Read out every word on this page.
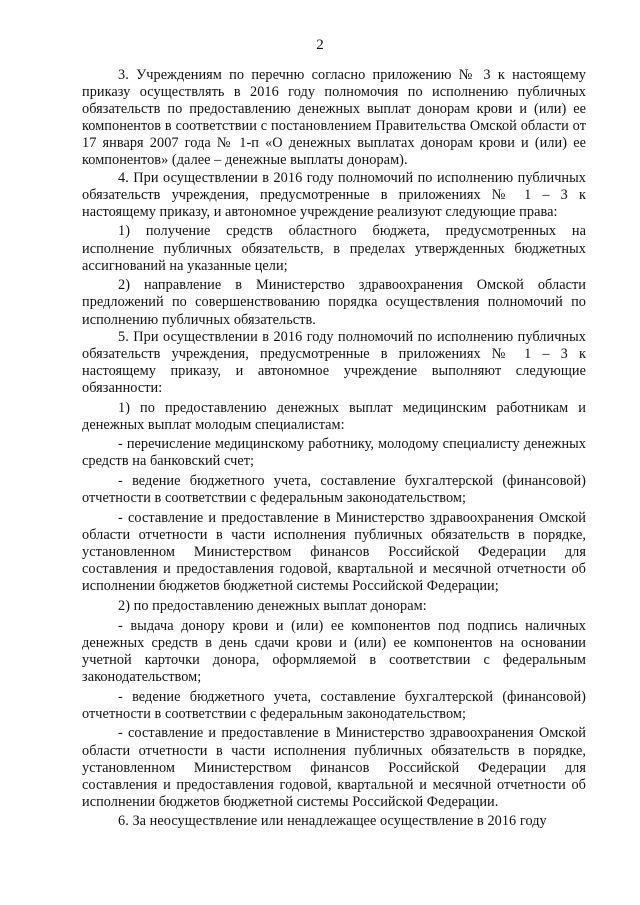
2

3. Учреждениям по перечню согласно приложению № 3 к настоящему приказу осуществлять в 2016 году полномочия по исполнению публичных обязательств по предоставлению денежных выплат донорам крови и (или) ее компонентов в соответствии с постановлением Правительства Омской области от 17 января 2007 года № 1-п «О денежных выплатах донорам крови и (или) ее компонентов» (далее – денежные выплаты донорам).

4. При осуществлении в 2016 году полномочий по исполнению публичных обязательств учреждения, предусмотренные в приложениях № 1 – 3 к настоящему приказу, и автономное учреждение реализуют следующие права:

1) получение средств областного бюджета, предусмотренных на исполнение публичных обязательств, в пределах утвержденных бюджетных ассигнований на указанные цели;

2) направление в Министерство здравоохранения Омской области предложений по совершенствованию порядка осуществления полномочий по исполнению публичных обязательств.

5. При осуществлении в 2016 году полномочий по исполнению публичных обязательств учреждения, предусмотренные в приложениях № 1 – 3 к настоящему приказу, и автономное учреждение выполняют следующие обязанности:

1) по предоставлению денежных выплат медицинским работникам и денежных выплат молодым специалистам:

- перечисление медицинскому работнику, молодому специалисту денежных средств на банковский счет;

- ведение бюджетного учета, составление бухгалтерской (финансовой) отчетности в соответствии с федеральным законодательством;

- составление и предоставление в Министерство здравоохранения Омской области отчетности в части исполнения публичных обязательств в порядке, установленном Министерством финансов Российской Федерации для составления и предоставления годовой, квартальной и месячной отчетности об исполнении бюджетов бюджетной системы Российской Федерации;

2) по предоставлению денежных выплат донорам:

- выдача донору крови и (или) ее компонентов под подпись наличных денежных средств в день сдачи крови и (или) ее компонентов на основании учетной карточки донора, оформляемой в соответствии с федеральным законодательством;

- ведение бюджетного учета, составление бухгалтерской (финансовой) отчетности в соответствии с федеральным законодательством;

- составление и предоставление в Министерство здравоохранения Омской области отчетности в части исполнения публичных обязательств в порядке, установленном Министерством финансов Российской Федерации для составления и предоставления годовой, квартальной и месячной отчетности об исполнении бюджетов бюджетной системы Российской Федерации.

6. За неосуществление или ненадлежащее осуществление в 2016 году
